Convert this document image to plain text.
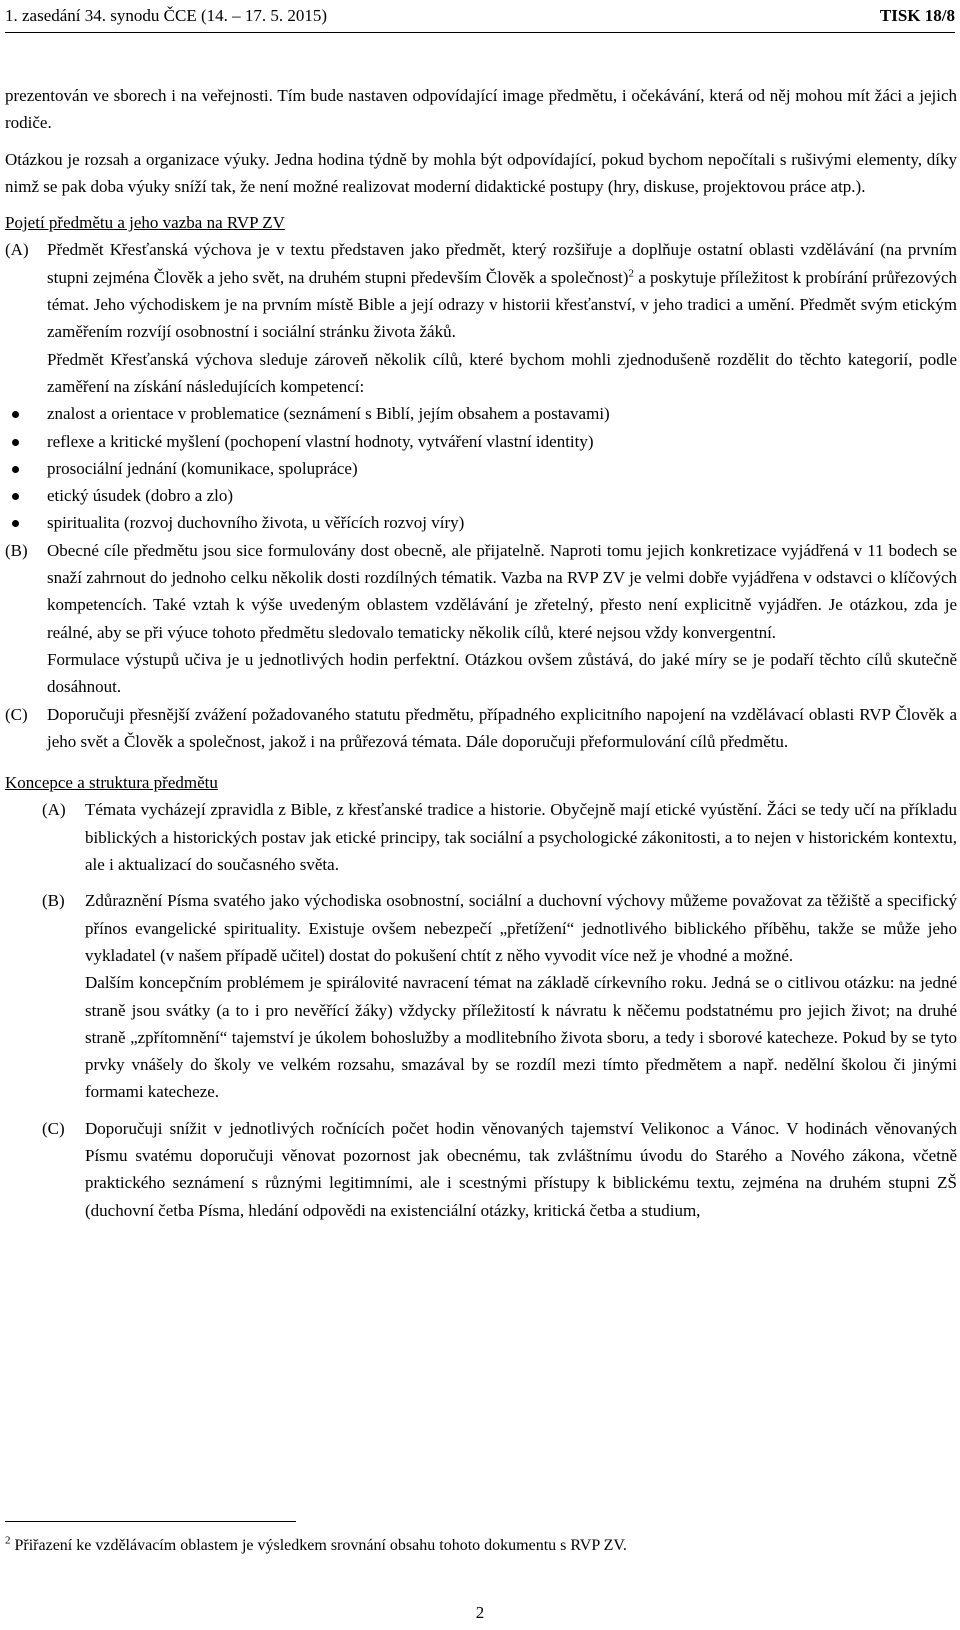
1. zasedání 34. synodu ČCE (14. – 17. 5. 2015)	TISK 18/8

prezentován ve sborech i na veřejnosti. Tím bude nastaven odpovídající image předmětu, i očekávání, která od něj mohou mít žáci a jejich rodiče.

Otázkou je rozsah a organizace výuky. Jedna hodina týdně by mohla být odpovídající, pokud bychom nepočítali s rušivými elementy, díky nimž se pak doba výuky sníží tak, že není možné realizovat moderní didaktické postupy (hry, diskuse, projektovou práce atp.).

Pojetí předmětu a jeho vazba na RVP ZV

(A) Předmět Křesťanská výchova je v textu představen jako předmět, který rozšiřuje a doplňuje ostatní oblasti vzdělávání (na prvním stupni zejména Člověk a jeho svět, na druhém stupni především Člověk a společnost)$^2$ a poskytuje příležitost k probírání průřezových témat. Jeho východiskem je na prvním místě Bible a její odrazy v historii křesťanství, v jeho tradici a umění. Předmět svým etickým zaměřením rozvíjí osobnostní i sociální stránku života žáků.

Předmět Křesťanská výchova sleduje zároveň několik cílů, které bychom mohli zjednodušeně rozdělit do těchto kategorií, podle zaměření na získání následujících kompetencí:

znalost a orientace v problematice (seznámení s Biblí, jejím obsahem a postavami)
reflexe a kritické myšlení (pochopení vlastní hodnoty, vytváření vlastní identity)
prosociální jednání (komunikace, spolupráce)
etický úsudek (dobro a zlo)
spiritualita (rozvoj duchovního života, u věřících rozvoj víry)
(B) Obecné cíle předmětu jsou sice formulovány dost obecně, ale přijatelně. Naproti tomu jejich konkretizace vyjádřená v 11 bodech se snaží zahrnout do jednoho celku několik dosti rozdílných tématik. Vazba na RVP ZV je velmi dobře vyjádřena v odstavci o klíčových kompetencích. Také vztah k výše uvedeným oblastem vzdělávání je zřetelný, přesto není explicitně vyjádřen. Je otázkou, zda je reálné, aby se při výuce tohoto předmětu sledovalo tematicky několik cílů, které nejsou vždy konvergentní.

Formulace výstupů učiva je u jednotlivých hodin perfektní. Otázkou ovšem zůstává, do jaké míry se je podaří těchto cílů skutečně dosáhnout.

(C) Doporučuji přesnější zvážení požadovaného statutu předmětu, případného explicitního napojení na vzdělávací oblasti RVP Člověk a jeho svět a Člověk a společnost, jakož i na průřezová témata. Dále doporučuji přeformulování cílů předmětu.

Koncepce a struktura předmětu

(A) Témata vycházejí zpravidla z Bible, z křesťanské tradice a historie. Obyčejně mají etické vyústění. Žáci se tedy učí na příkladu biblických a historických postav jak etické principy, tak sociální a psychologické zákonitosti, a to nejen v historickém kontextu, ale i aktualizací do současného světa.

(B) Zdůraznění Písma svatého jako východiska osobnostní, sociální a duchovní výchovy můžeme považovat za těžiště a specifický přínos evangelické spirituality. Existuje ovšem nebezpečí „přetížení“ jednotlivého biblického příběhu, takže se může jeho vykladatel (v našem případě učitel) dostat do pokušení chtít z něho vyvodit více než je vhodné a možné.

Dalším koncepčním problémem je spirálovité navracení témat na základě církevního roku. Jedná se o citlivou otázku: na jedné straně jsou svátky (a to i pro nevěřící žáky) vždycky příležitostí k návratu k něčemu podstatnému pro jejich život; na druhé straně „zpřítomnění“ tajemství je úkolem bohoslužby a modlitebního života sboru, a tedy i sborové katecheze. Pokud by se tyto prvky vnášely do školy ve velkém rozsahu, smazával by se rozdíl mezi tímto předmětem a např. nedělní školou či jinými formami katecheze.

(C) Doporučuji snížit v jednotlivých ročnících počet hodin věnovaných tajemství Velikonoc a Vánoc. V hodinách věnovaných Písmu svatému doporučuji věnovat pozornost jak obecnému, tak zvláštnímu úvodu do Starého a Nového zákona, včetně praktického seznámení s různými legitimními, ale i scestnými přístupy k biblickému textu, zejména na druhém stupni ZŠ (duchovní četba Písma, hledání odpovědi na existenciální otázky, kritická četba a studium,

$^2$ Přiřazení ke vzdělávacím oblastem je výsledkem srovnání obsahu tohoto dokumentu s RVP ZV.
2
